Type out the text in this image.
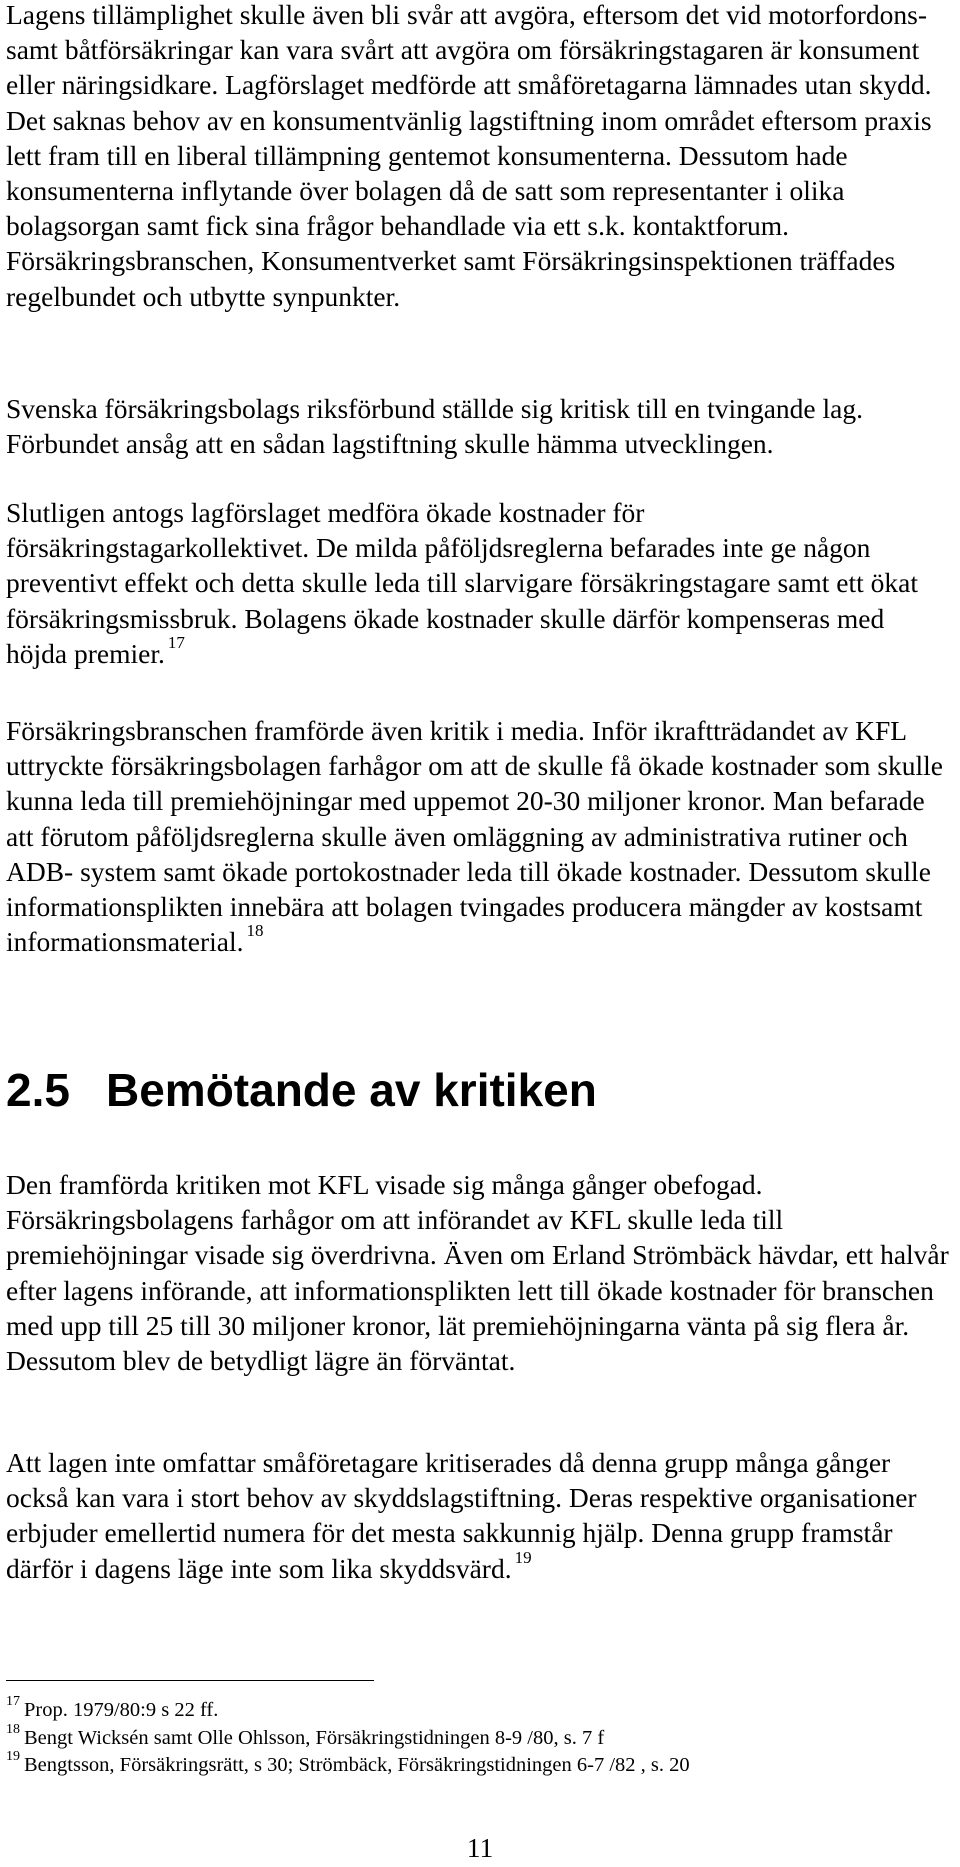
Lagens tillämplighet skulle även bli svår att avgöra, eftersom det vid motorfordons- samt båtförsäkringar kan vara svårt att avgöra om försäkringstagaren är konsument eller näringsidkare. Lagförslaget medförde att småföretagarna lämnades utan skydd. Det saknas behov av en konsumentvänlig lagstiftning inom området eftersom praxis lett fram till en liberal tillämpning gentemot konsumenterna. Dessutom hade konsumenterna inflytande över bolagen då de satt som representanter i olika bolagsorgan samt fick sina frågor behandlade via ett s.k. kontaktforum. Försäkringsbranschen, Konsumentverket samt Försäkringsinspektionen träffades regelbundet och utbytte synpunkter.

Svenska försäkringsbolags riksförbund ställde sig kritisk till en tvingande lag. Förbundet ansåg att en sådan lagstiftning skulle hämma utvecklingen.

Slutligen antogs lagförslaget medföra ökade kostnader för försäkringstagarkollektivet. De milda påföljdsreglerna befarades inte ge någon preventivt effekt och detta skulle leda till slarvigare försäkringstagare samt ett ökat försäkringsmissbruk. Bolagens ökade kostnader skulle därför kompenseras med höjda premier. $^{17}$

Försäkringsbranschen framförde även kritik i media. Inför ikraftträdandet av KFL uttryckte försäkringsbolagen farhågor om att de skulle få ökade kostnader som skulle kunna leda till premiehöjningar med uppemot 20-30 miljoner kronor. Man befarade att förutom påföljdsreglerna skulle även omläggning av administrativa rutiner och ADB- system samt ökade portokostnader leda till ökade kostnader. Dessutom skulle informationsplikten innebära att bolagen tvingades producera mängder av kostsamt informationsmaterial. $^{18}$

2.5 Bemötande av kritiken

Den framförda kritiken mot KFL visade sig många gånger obefogad. Försäkringsbolagens farhågor om att införandet av KFL skulle leda till premiehöjningar visade sig överdrivna. Även om Erland Strömbäck hävdar, ett halvår efter lagens införande, att informationsplikten lett till ökade kostnader för branschen med upp till 25 till 30 miljoner kronor, lät premiehöjningarna vänta på sig flera år. Dessutom blev de betydligt lägre än förväntat.

Att lagen inte omfattar småföretagare kritiserades då denna grupp många gånger också kan vara i stort behov av skyddslagstiftning. Deras respektive organisationer erbjuder emellertid numera för det mesta sakkunnig hjälp. Denna grupp framstår därför i dagens läge inte som lika skyddsvärd. $^{19}$

$^{17}$ Prop. 1979/80:9 s 22 ff.
$^{18}$ Bengt Wicksén samt Olle Ohlsson, Försäkringstidningen 8-9 /80, s. 7 f
$^{19}$ Bengtsson, Försäkringsrätt, s 30; Strömbäck, Försäkringstidningen 6-7 /82 , s. 20
11
